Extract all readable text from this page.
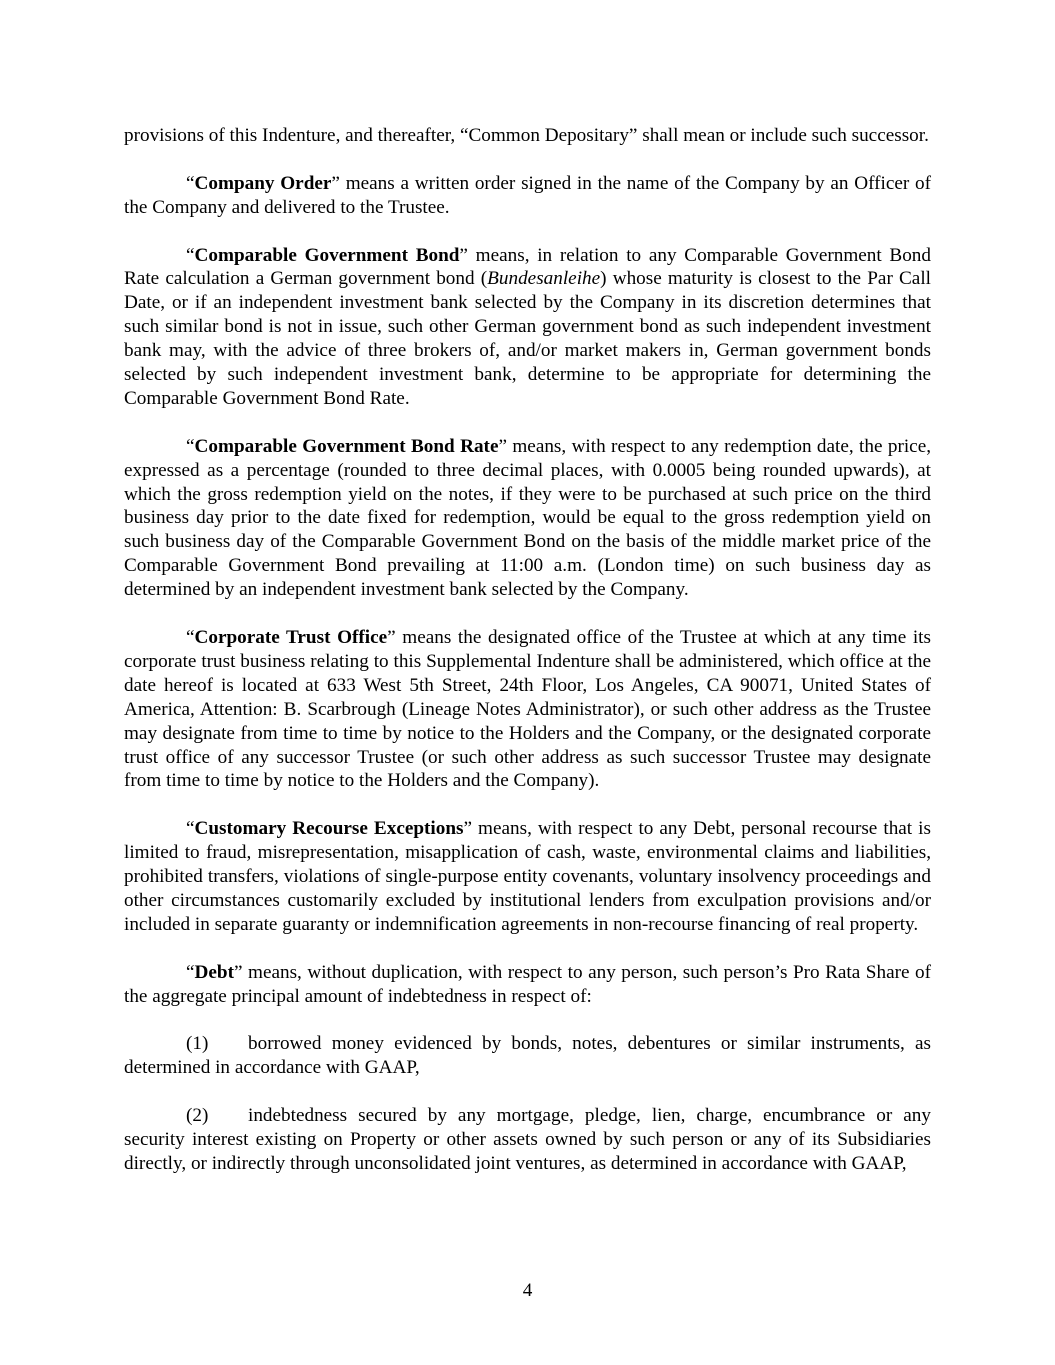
provisions of this Indenture, and thereafter, “Common Depositary” shall mean or include such successor.

“Company Order” means a written order signed in the name of the Company by an Officer of the Company and delivered to the Trustee.

“Comparable Government Bond” means, in relation to any Comparable Government Bond Rate calculation a German government bond (Bundesanleihe) whose maturity is closest to the Par Call Date, or if an independent investment bank selected by the Company in its discretion determines that such similar bond is not in issue, such other German government bond as such independent investment bank may, with the advice of three brokers of, and/or market makers in, German government bonds selected by such independent investment bank, determine to be appropriate for determining the Comparable Government Bond Rate.

“Comparable Government Bond Rate” means, with respect to any redemption date, the price, expressed as a percentage (rounded to three decimal places, with 0.0005 being rounded upwards), at which the gross redemption yield on the notes, if they were to be purchased at such price on the third business day prior to the date fixed for redemption, would be equal to the gross redemption yield on such business day of the Comparable Government Bond on the basis of the middle market price of the Comparable Government Bond prevailing at 11:00 a.m. (London time) on such business day as determined by an independent investment bank selected by the Company.

“Corporate Trust Office” means the designated office of the Trustee at which at any time its corporate trust business relating to this Supplemental Indenture shall be administered, which office at the date hereof is located at 633 West 5th Street, 24th Floor, Los Angeles, CA 90071, United States of America, Attention: B. Scarbrough (Lineage Notes Administrator), or such other address as the Trustee may designate from time to time by notice to the Holders and the Company, or the designated corporate trust office of any successor Trustee (or such other address as such successor Trustee may designate from time to time by notice to the Holders and the Company).

“Customary Recourse Exceptions” means, with respect to any Debt, personal recourse that is limited to fraud, misrepresentation, misapplication of cash, waste, environmental claims and liabilities, prohibited transfers, violations of single-purpose entity covenants, voluntary insolvency proceedings and other circumstances customarily excluded by institutional lenders from exculpation provisions and/or included in separate guaranty or indemnification agreements in non-recourse financing of real property.

“Debt” means, without duplication, with respect to any person, such person’s Pro Rata Share of the aggregate principal amount of indebtedness in respect of:

(1) borrowed money evidenced by bonds, notes, debentures or similar instruments, as determined in accordance with GAAP,

(2) indebtedness secured by any mortgage, pledge, lien, charge, encumbrance or any security interest existing on Property or other assets owned by such person or any of its Subsidiaries directly, or indirectly through unconsolidated joint ventures, as determined in accordance with GAAP,

4
